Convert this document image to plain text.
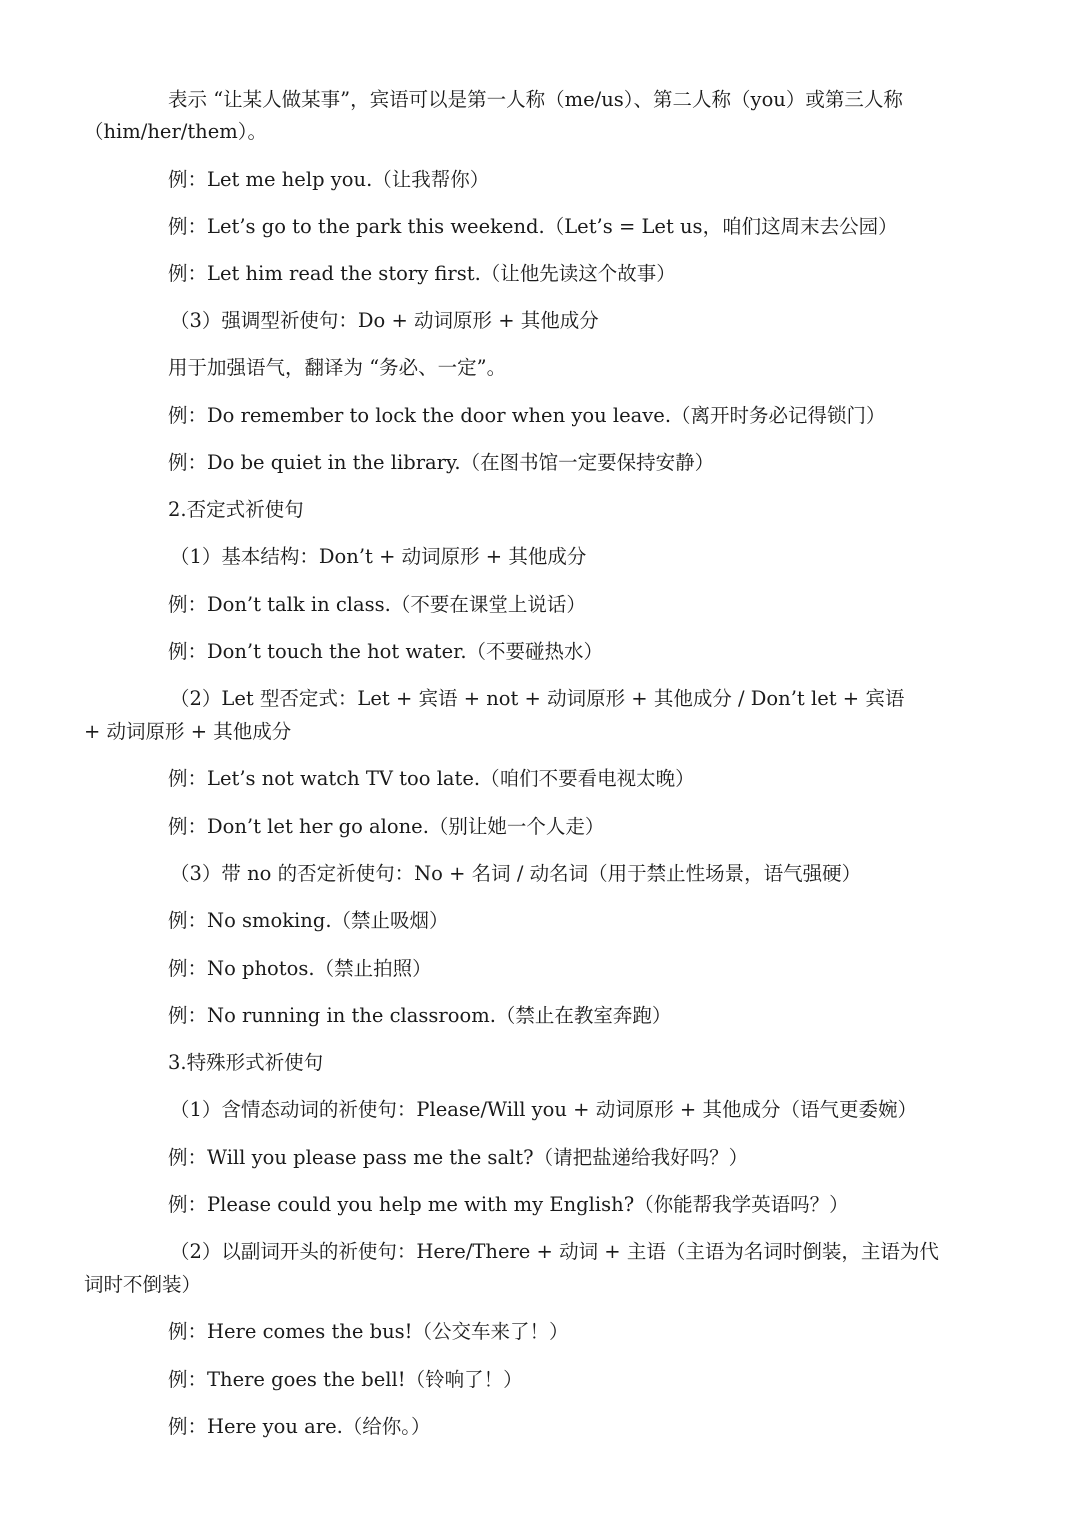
表示 “让某人做某事”，宾语可以是第一人称（me/us）、第二人称（you）或第三人称
（him/her/them）。
例：Let me help you.（让我帮你）
例：Let’s go to the park this weekend.（Let’s = Let us，咱们这周末去公园）
例：Let him read the story first.（让他先读这个故事）
（3）强调型祈使句：Do + 动词原形 + 其他成分
用于加强语气，翻译为 “务必、一定”。
例：Do remember to lock the door when you leave.（离开时务必记得锁门）
例：Do be quiet in the library.（在图书馆一定要保持安静）
2.否定式祈使句
（1）基本结构：Don’t + 动词原形 + 其他成分
例：Don’t talk in class.（不要在课堂上说话）
例：Don’t touch the hot water.（不要碰热水）
（2）Let 型否定式：Let + 宾语 + not + 动词原形 + 其他成分 / Don’t let + 宾语
+ 动词原形 + 其他成分
例：Let’s not watch TV too late.（咱们不要看电视太晚）
例：Don’t let her go alone.（别让她一个人走）
（3）带 no 的否定祈使句：No + 名词 / 动名词（用于禁止性场景，语气强硬）
例：No smoking.（禁止吸烟）
例：No photos.（禁止拍照）
例：No running in the classroom.（禁止在教室奔跑）
3.特殊形式祈使句
（1）含情态动词的祈使句：Please/Will you + 动词原形 + 其他成分（语气更委婉）
例：Will you please pass me the salt?（请把盐递给我好吗？）
例：Please could you help me with my English?（你能帮我学英语吗？）
（2）以副词开头的祈使句：Here/There + 动词 + 主语（主语为名词时倒装，主语为代
词时不倒装）
例：Here comes the bus!（公交车来了！）
例：There goes the bell!（铃响了！）
例：Here you are.（给你。）
